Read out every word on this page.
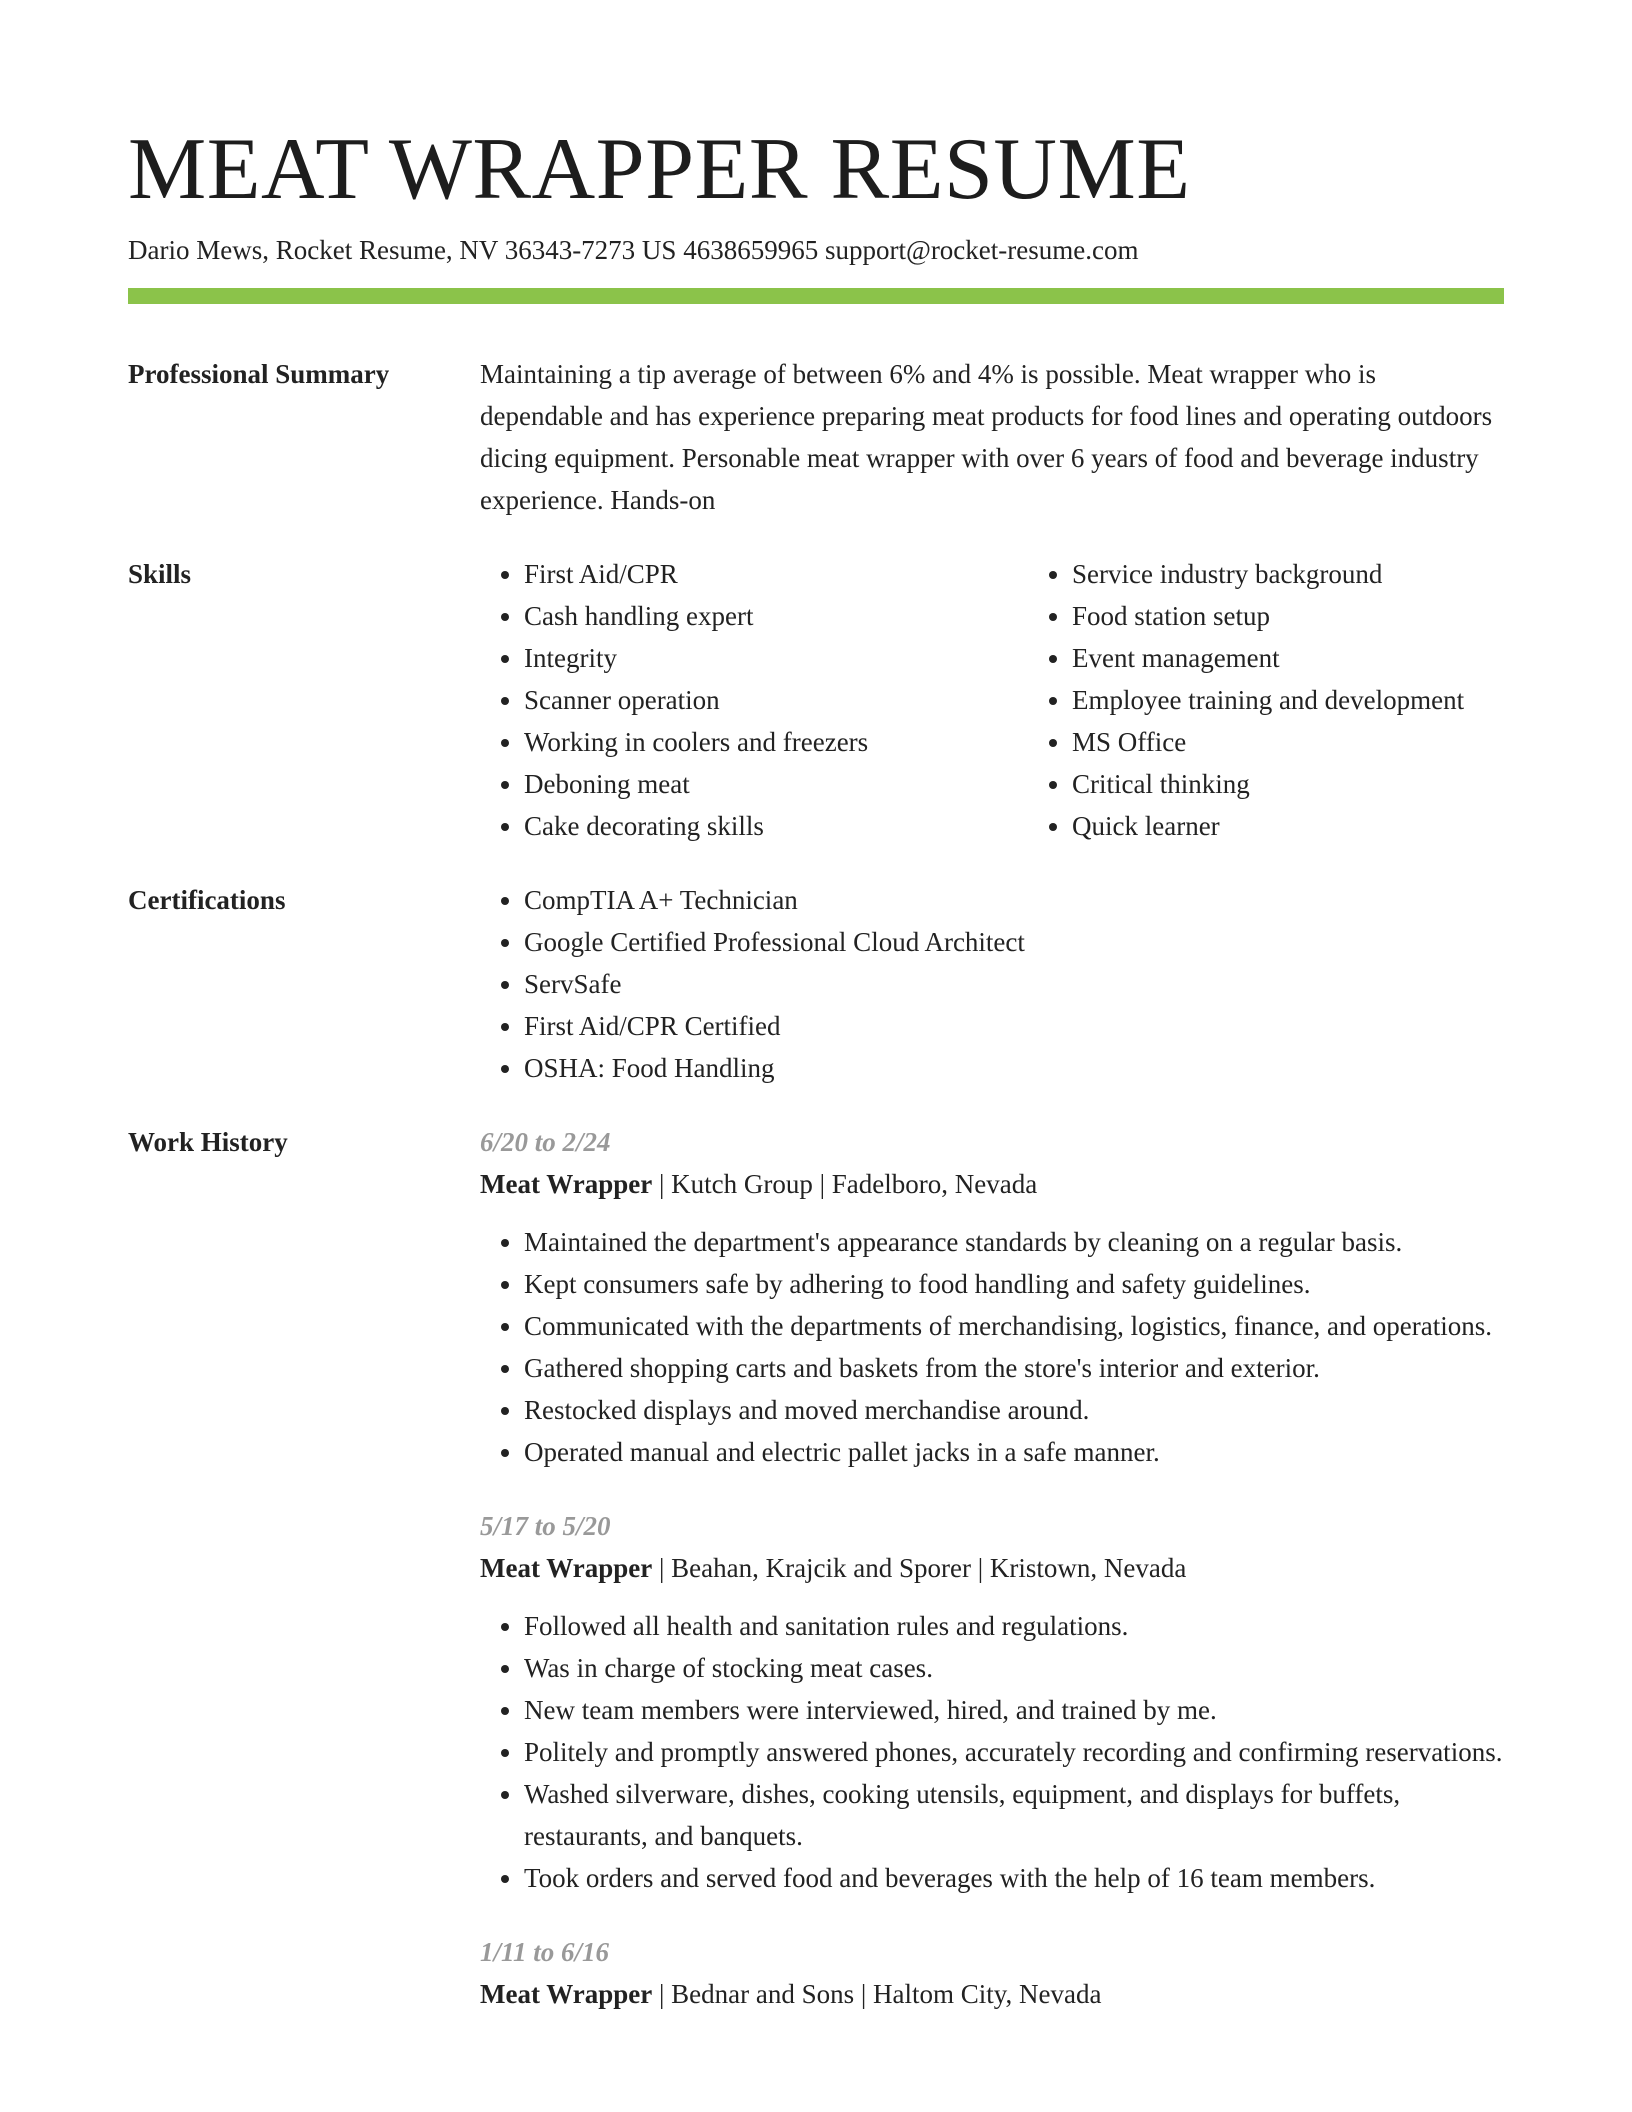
MEAT WRAPPER RESUME
Dario Mews, Rocket Resume, NV 36343-7273 US 4638659965 support@rocket-resume.com
Professional Summary	Maintaining a tip average of between 6% and 4% is possible. Meat wrapper who is dependable and has experience preparing meat products for food lines and operating outdoors dicing equipment. Personable meat wrapper with over 6 years of food and beverage industry experience. Hands-on
Skills	• First Aid/CPR
• Cash handling expert
• Integrity
• Scanner operation
• Working in coolers and freezers
• Deboning meat
• Cake decorating skills
• Service industry background
• Food station setup
• Event management
• Employee training and development
• MS Office
• Critical thinking
• Quick learner
Certifications	• CompTIA A+ Technician
• Google Certified Professional Cloud Architect
• ServSafe
• First Aid/CPR Certified
• OSHA: Food Handling
Work History	6/20 to 2/24
Meat Wrapper | Kutch Group | Fadelboro, Nevada
• Maintained the department's appearance standards by cleaning on a regular basis.
• Kept consumers safe by adhering to food handling and safety guidelines.
• Communicated with the departments of merchandising, logistics, finance, and operations.
• Gathered shopping carts and baskets from the store's interior and exterior.
• Restocked displays and moved merchandise around.
• Operated manual and electric pallet jacks in a safe manner.
5/17 to 5/20
Meat Wrapper | Beahan, Krajcik and Sporer | Kristown, Nevada
• Followed all health and sanitation rules and regulations.
• Was in charge of stocking meat cases.
• New team members were interviewed, hired, and trained by me.
• Politely and promptly answered phones, accurately recording and confirming reservations.
• Washed silverware, dishes, cooking utensils, equipment, and displays for buffets, restaurants, and banquets.
• Took orders and served food and beverages with the help of 16 team members.
1/11 to 6/16
Meat Wrapper | Bednar and Sons | Haltom City, Nevada
